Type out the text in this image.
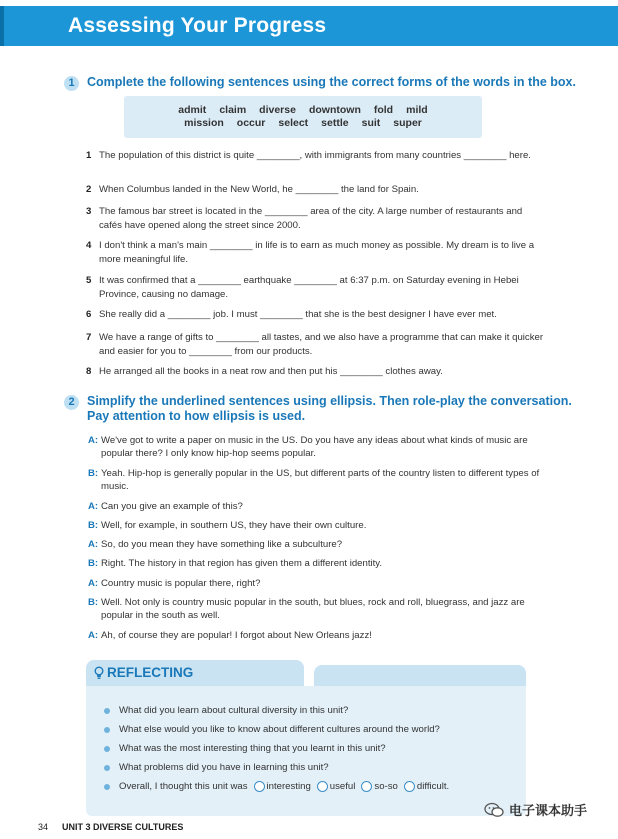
Assessing Your Progress
1 Complete the following sentences using the correct forms of the words in the box.
admit claim diverse downtown fold mild
mission occur select settle suit super
1 The population of this district is quite ________, with immigrants from many countries ________ here.
2 When Columbus landed in the New World, he ________ the land for Spain.
3 The famous bar street is located in the ________ area of the city. A large number of restaurants and cafés have opened along the street since 2000.
4 I don't think a man's main ________ in life is to earn as much money as possible. My dream is to live a more meaningful life.
5 It was confirmed that a ________ earthquake ________ at 6:37 p.m. on Saturday evening in Hebei Province, causing no damage.
6 She really did a ________ job. I must ________ that she is the best designer I have ever met.
7 We have a range of gifts to ________ all tastes, and we also have a programme that can make it quicker and easier for you to ________ from our products.
8 He arranged all the books in a neat row and then put his ________ clothes away.
2 Simplify the underlined sentences using ellipsis. Then role-play the conversation. Pay attention to how ellipsis is used.
A: We've got to write a paper on music in the US. Do you have any ideas about what kinds of music are popular there? I only know hip-hop seems popular.
B: Yeah. Hip-hop is generally popular in the US, but different parts of the country listen to different types of music.
A: Can you give an example of this?
B: Well, for example, in southern US, they have their own culture.
A: So, do you mean they have something like a subculture?
B: Right. The history in that region has given them a different identity.
A: Country music is popular there, right?
B: Well. Not only is country music popular in the south, but blues, rock and roll, bluegrass, and jazz are popular in the south as well.
A: Ah, of course they are popular! I forgot about New Orleans jazz!
REFLECTING
What did you learn about cultural diversity in this unit?
What else would you like to know about different cultures around the world?
What was the most interesting thing that you learnt in this unit?
What problems did you have in learning this unit?
Overall, I thought this unit was interesting useful so-so difficult.
电子课本助手
34 UNIT 3 DIVERSE CULTURES
